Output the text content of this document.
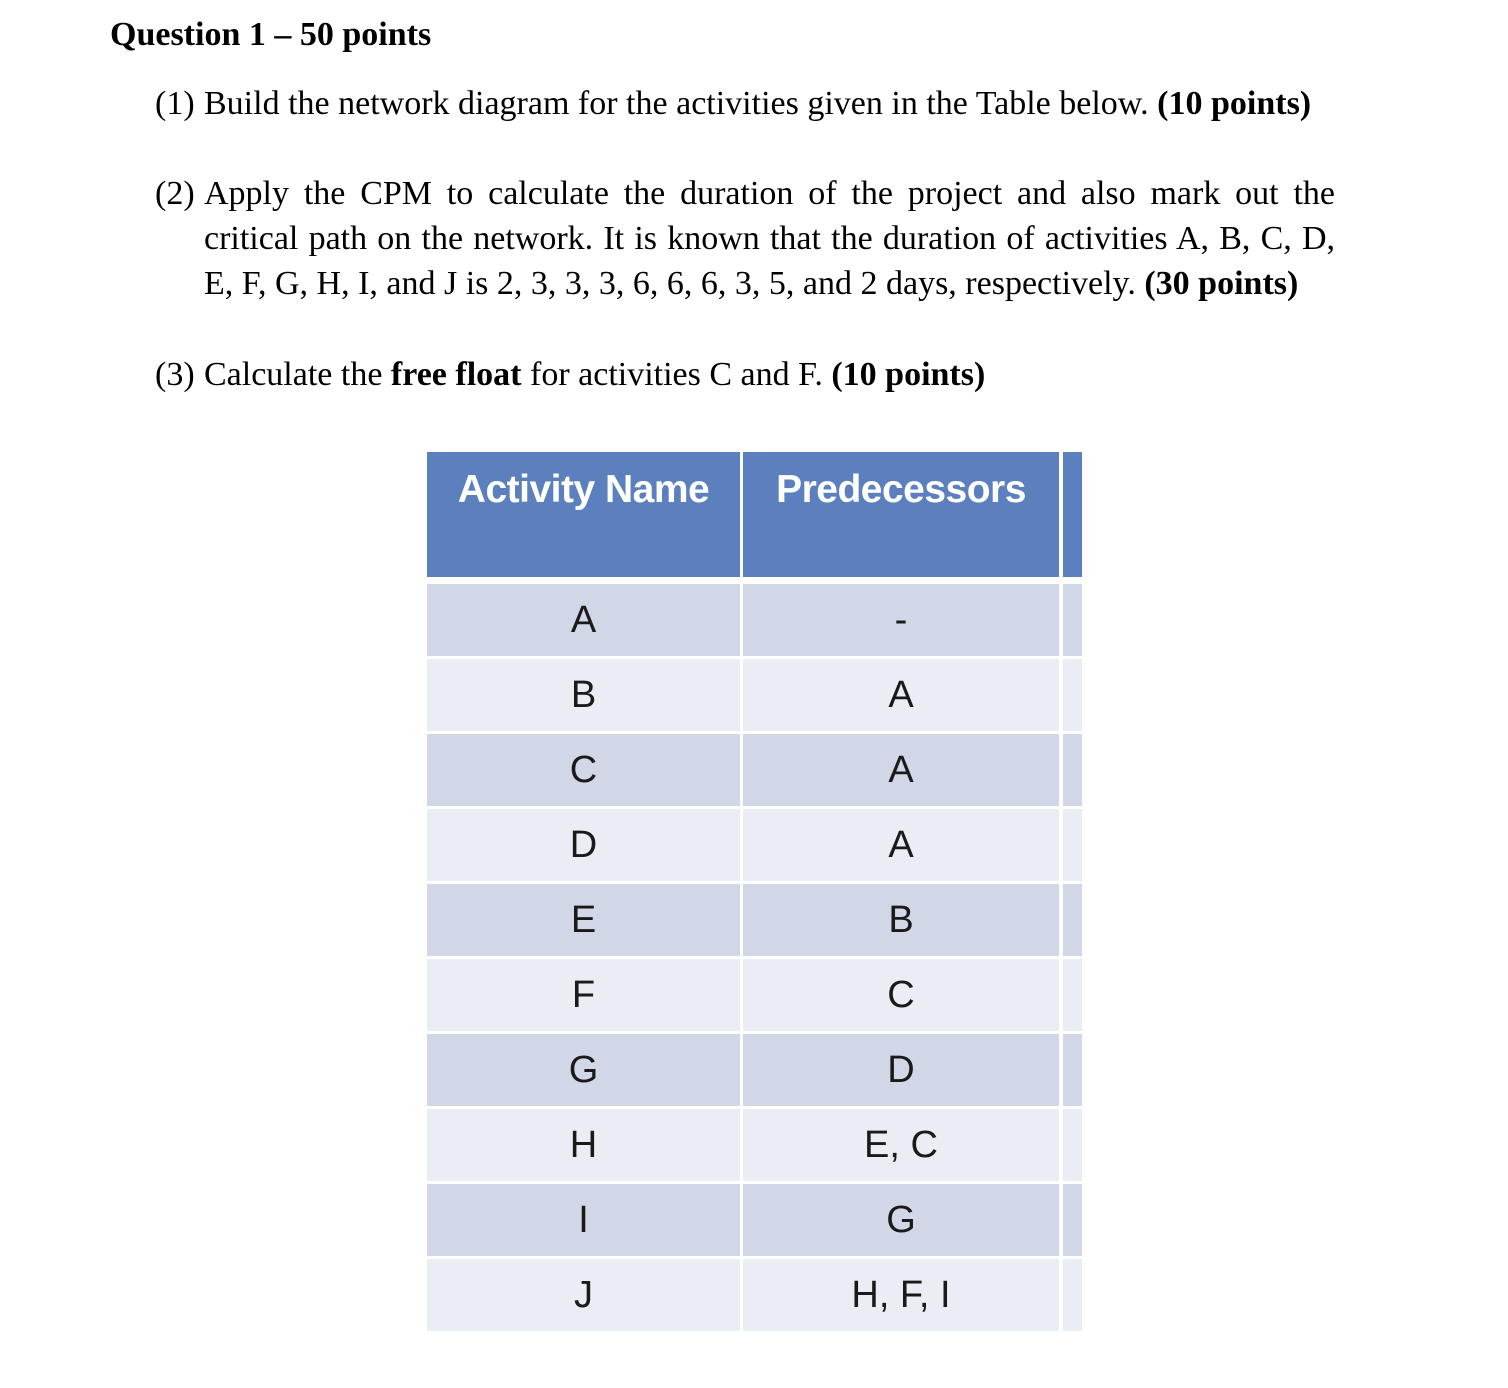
Question 1 – 50 points
(1) Build the network diagram for the activities given in the Table below. (10 points)
(2) Apply the CPM to calculate the duration of the project and also mark out the critical path on the network. It is known that the duration of activities A, B, C, D, E, F, G, H, I, and J is 2, 3, 3, 3, 6, 6, 6, 3, 5, and 2 days, respectively. (30 points)
(3) Calculate the free float for activities C and F. (10 points)
Activity Name	Predecessors
A	-
B	A
C	A
D	A
E	B
F	C
G	D
H	E, C
I	G
J	H, F, I
